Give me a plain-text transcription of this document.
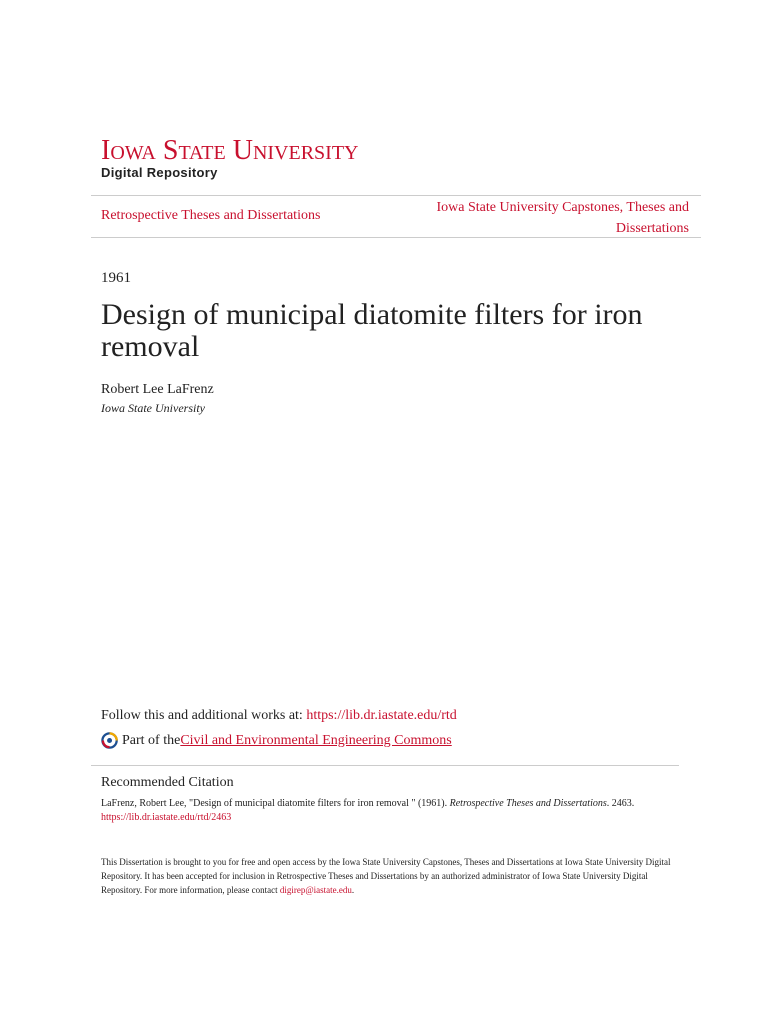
Iowa State University
Digital Repository
Retrospective Theses and Dissertations
Iowa State University Capstones, Theses and Dissertations
1961
Design of municipal diatomite filters for iron removal
Robert Lee LaFrenz
Iowa State University
Follow this and additional works at: https://lib.dr.iastate.edu/rtd
Part of the Civil and Environmental Engineering Commons
Recommended Citation
LaFrenz, Robert Lee, "Design of municipal diatomite filters for iron removal " (1961). Retrospective Theses and Dissertations. 2463.
https://lib.dr.iastate.edu/rtd/2463
This Dissertation is brought to you for free and open access by the Iowa State University Capstones, Theses and Dissertations at Iowa State University Digital Repository. It has been accepted for inclusion in Retrospective Theses and Dissertations by an authorized administrator of Iowa State University Digital Repository. For more information, please contact digirep@iastate.edu.
